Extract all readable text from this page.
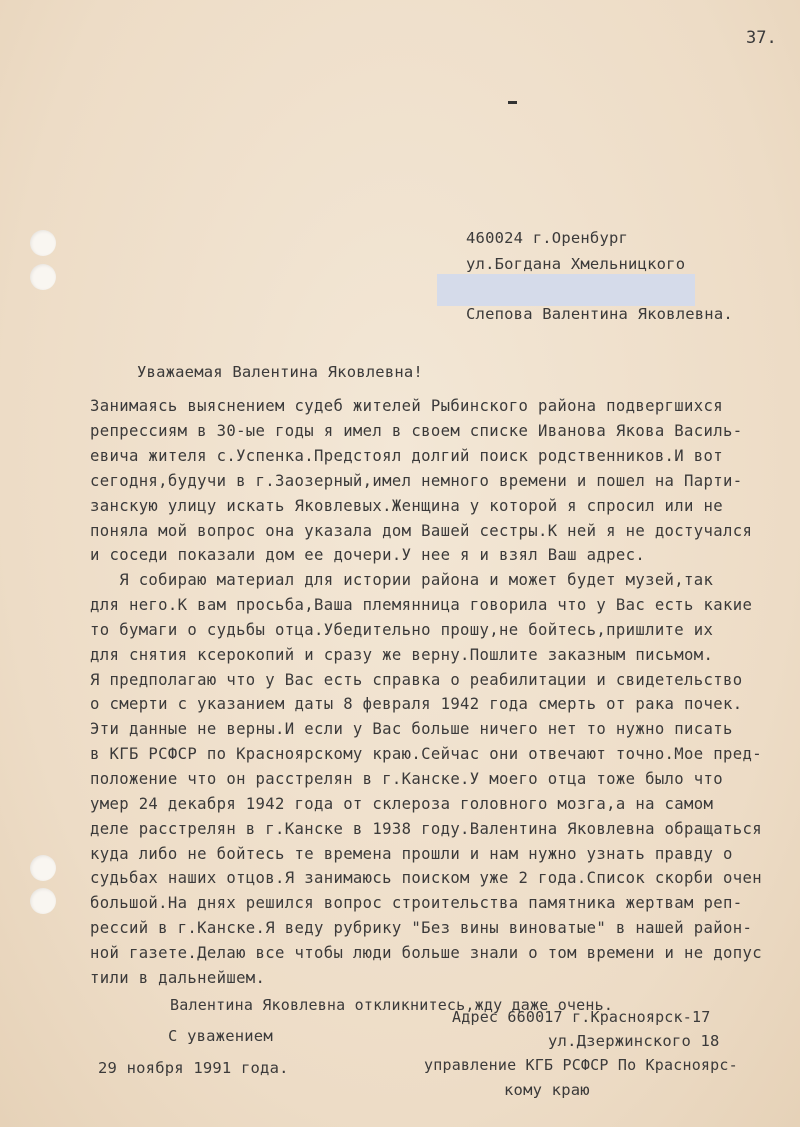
37.
460024 г.Оренбург
ул.Богдана Хмельницкого
Слепова Валентина Яковлевна.
Уважаемая Валентина Яковлевна!
Занимаясь выяснением судеб жителей Рыбинского района подвергшихся
репрессиям в 30-ые годы я имел в своем списке Иванова Якова Василь-
евича жителя с.Успенка.Предстоял долгий поиск родственников.И вот
сегодня,будучи в г.Заозерный,имел немного времени и пошел на Парти-
занскую улицу искать Яковлевых.Женщина у которой я спросил или не
поняла мой вопрос она указала дом Вашей сестры.К ней я не достучался
и соседи показали дом ее дочери.У нее я и взял Ваш адрес.
Я собираю материал для истории района и может будет музей,так
для него.К вам просьба,Ваша племянница говорила что у Вас есть какие
то бумаги о судьбы отца.Убедительно прошу,не бойтесь,пришлите их
для снятия ксерокопий и сразу же верну.Пошлите заказным письмом.
Я предполагаю что у Вас есть справка о реабилитации и свидетельство
о смерти с указанием даты 8 февраля 1942 года смерть от рака почек.
Эти данные не верны.И если у Вас больше ничего нет то нужно писать
в КГБ РСФСР по Красноярскому краю.Сейчас они отвечают точно.Мое пред-
положение что он расстрелян в г.Канске.У моего отца тоже было что
умер 24 декабря 1942 года от склероза головного мозга,а на самом
деле расстрелян в г.Канске в 1938 году.Валентина Яковлевна обращаться
куда либо не бойтесь те времена прошли и нам нужно узнать правду о
судьбах наших отцов.Я занимаюсь поиском уже 2 года.Список скорби очен
большой.На днях решился вопрос строительства памятника жертвам реп-
рессий в г.Канске.Я веду рубрику "Без вины виноватые" в нашей район-
ной газете.Делаю все чтобы люди больше знали о том времени и не допус
тили в дальнейшем.
Валентина Яковлевна откликнитесь,жду даже очень.
С уважением
29 ноября 1991 года.
Адрес 660017 г.Красноярск-17
ул.Дзержинского 18
управление КГБ РСФСР По Красноярс-
кому краю
